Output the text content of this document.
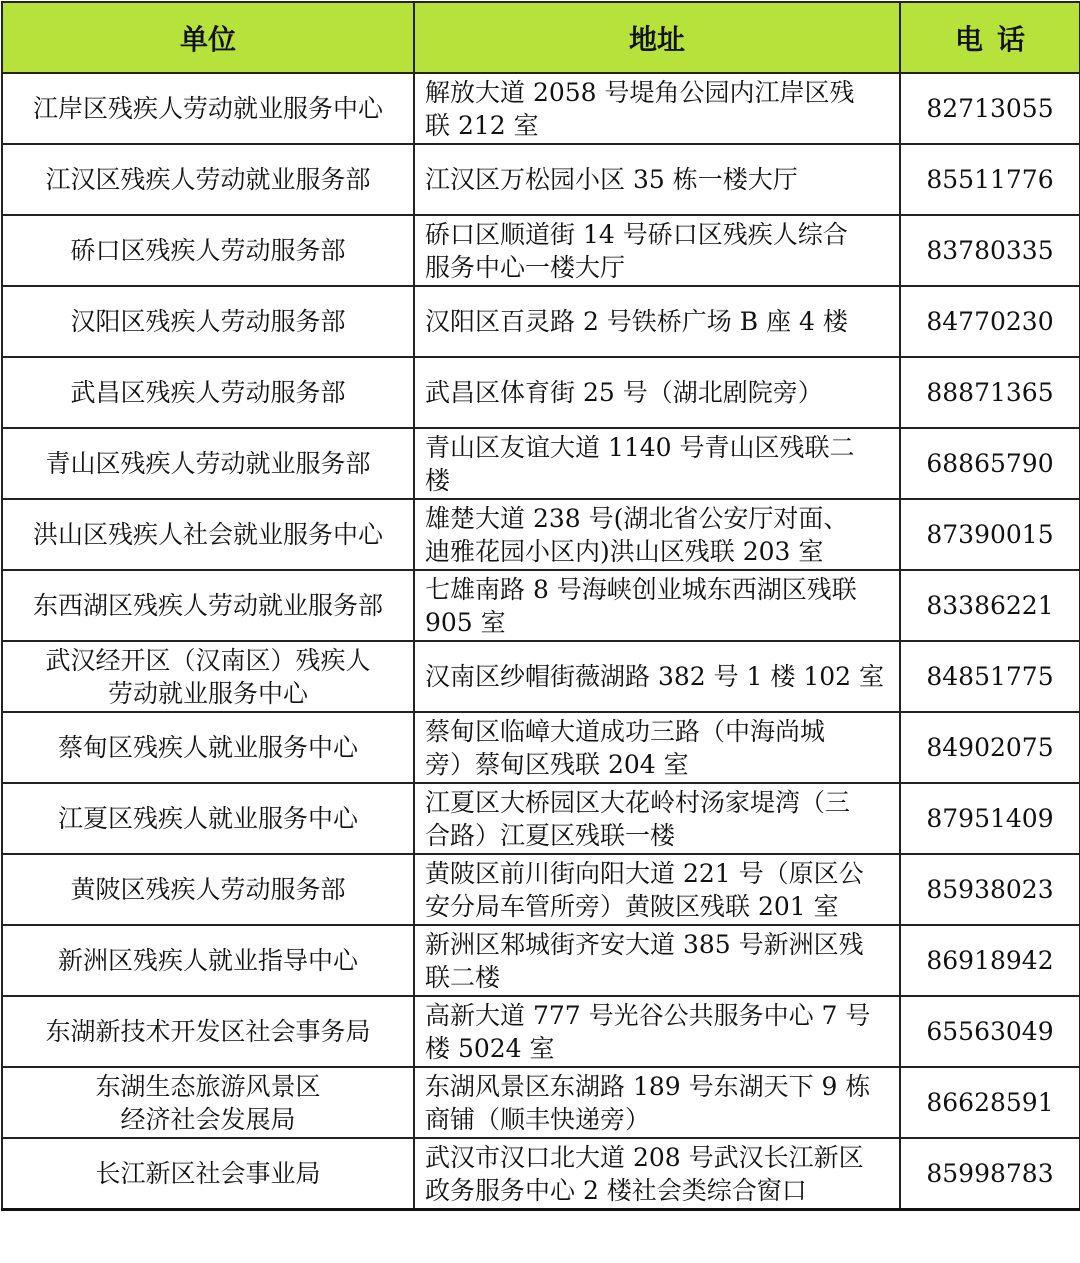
单位	地址	电话

江岸区残疾人劳动就业服务中心	解放大道 2058 号堤角公园内江岸区残
联 212 室	82713055

江汉区残疾人劳动就业服务部	江汉区万松园小区 35 栋一楼大厅	85511776

硚口区残疾人劳动服务部	硚口区顺道街 14 号硚口区残疾人综合
服务中心一楼大厅	83780335

汉阳区残疾人劳动服务部	汉阳区百灵路 2 号铁桥广场 B 座 4 楼	84770230

武昌区残疾人劳动服务部	武昌区体育街 25 号（湖北剧院旁）	88871365

青山区残疾人劳动就业服务部	青山区友谊大道 1140 号青山区残联二
楼	68865790

洪山区残疾人社会就业服务中心	雄楚大道 238 号(湖北省公安厅对面、
迪雅花园小区内)洪山区残联 203 室	87390015

东西湖区残疾人劳动就业服务部	七雄南路 8 号海峡创业城东西湖区残联
905 室	83386221

武汉经开区（汉南区）残疾人
劳动就业服务中心	汉南区纱帽街薇湖路 382 号 1 楼 102 室	84851775

蔡甸区残疾人就业服务中心	蔡甸区临嶂大道成功三路（中海尚城
旁）蔡甸区残联 204 室	84902075

江夏区残疾人就业服务中心	江夏区大桥园区大花岭村汤家堤湾（三
合路）江夏区残联一楼	87951409

黄陂区残疾人劳动服务部	黄陂区前川街向阳大道 221 号（原区公
安分局车管所旁）黄陂区残联 201 室	85938023

新洲区残疾人就业指导中心	新洲区邾城街齐安大道 385 号新洲区残
联二楼	86918942

东湖新技术开发区社会事务局	高新大道 777 号光谷公共服务中心 7 号
楼 5024 室	65563049

东湖生态旅游风景区
经济社会发展局	东湖风景区东湖路 189 号东湖天下 9 栋
商铺（顺丰快递旁）	86628591

长江新区社会事业局	武汉市汉口北大道 208 号武汉长江新区
政务服务中心 2 楼社会类综合窗口	85998783
